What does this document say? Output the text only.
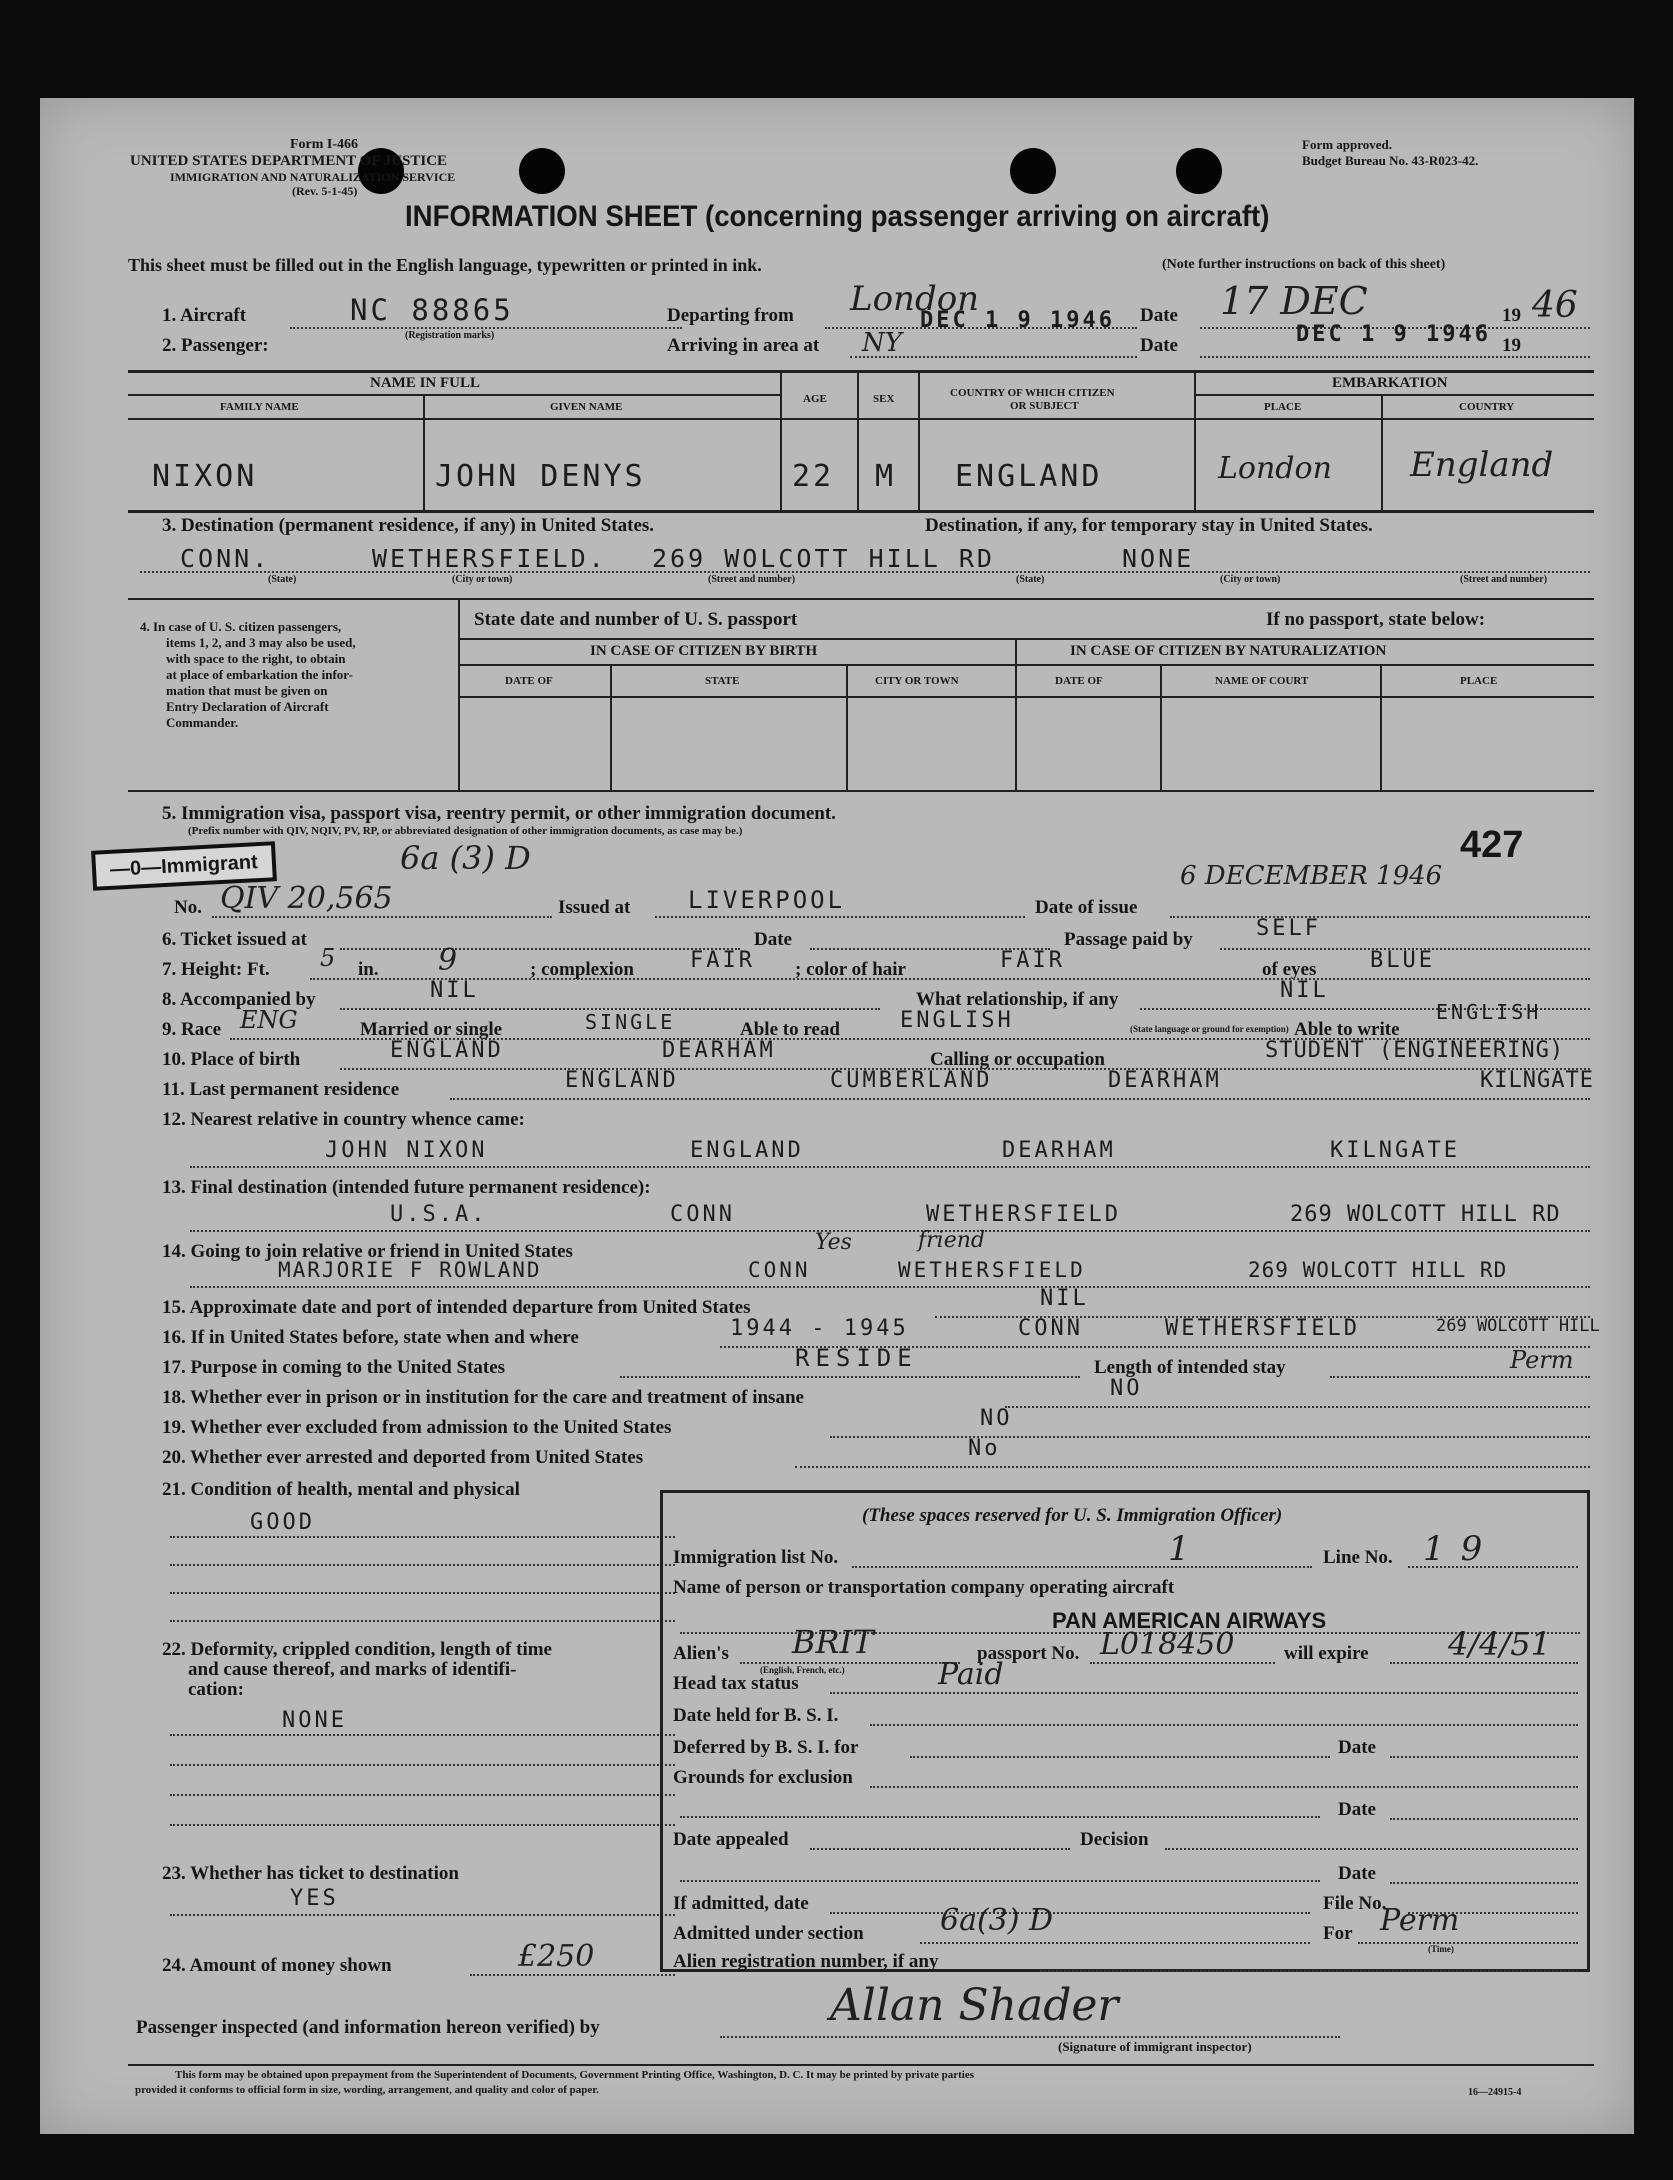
Form I-466
UNITED STATES DEPARTMENT OF JUSTICE
IMMIGRATION AND NATURALIZATION SERVICE
(Rev. 5-1-45)
Form approved.
Budget Bureau No. 43-R023-42.
INFORMATION SHEET (concerning passenger arriving on aircraft)
This sheet must be filled out in the English language, typewritten or printed in ink.	(Note further instructions on back of this sheet)
1. Aircraft	NC 88865
(Registration marks)
2. Passenger:
Departing from London
DEC 1 9 1946
Arriving in area at NY
Date 17 DEC	19 46
Date	DEC 1 9 1946 19
NAME IN FULL
FAMILY NAME	GIVEN NAME
AGE	SEX	COUNTRY OF WHICH CITIZEN
OR SUBJECT
EMBARKATION
PLACE	COUNTRY
NIXON	JOHN DENYS	22 M ENGLAND	London England
3. Destination (permanent residence, if any) in United States.	Destination, if any, for temporary stay in United States.
CONN.	WETHERSFIELD. 269 WOLCOTT HILL RD	NONE
(State)	(City or town)	(Street and number)	(State)	(City or town)	(Street and number)
4. In case of U. S. citizen passengers,
items 1, 2, and 3 may also be used,
with space to the right, to obtain
at place of embarkation the infor-
mation that must be given on
Entry Declaration of Aircraft
Commander.
State date and number of U. S. passport	If no passport, state below:
IN CASE OF CITIZEN BY BIRTH	IN CASE OF CITIZEN BY NATURALIZATION
DATE OF	STATE	CITY OR TOWN	DATE OF	NAME OF COURT	PLACE
5. Immigration visa, passport visa, reentry permit, or other immigration document.
(Prefix number with QIV, NQIV, PV, RP, or abbreviated designation of other immigration documents, as case may be.)
—0—Immigrant	6a (3) D	427
No. QIV 20,565	Issued at LIVERPOOL	Date of issue
6 DECEMBER 1946
6. Ticket issued at	Date	Passage paid by	SELF
7. Height: Ft. 5 in. 9	; complexion	FAIR ; color of hair	FAIR	of eyes BLUE
8. Accompanied by	NIL	What relationship, if any	NIL
9. Race ENG	Married or single	SINGLE	Able to read	ENGLISH	(State language or ground for exemption) Able to write
ENGLISH
10. Place of birth	ENGLAND	DEARHAM	Calling or occupation	STUDENT (ENGINEERING)
11. Last permanent residence	ENGLAND	CUMBERLAND	DEARHAM	KILNGATE
12. Nearest relative in country whence came:
JOHN NIXON	ENGLAND	DEARHAM	KILNGATE
13. Final destination (intended future permanent residence):
U.S.A.	CONN	WETHERSFIELD	269 WOLCOTT HILL RD
14. Going to join relative or friend in United States	Yes	friend
MARJORIE F ROWLAND	CONN	WETHERSFIELD	269 WOLCOTT HILL RD
15. Approximate date and port of intended departure from United States	NIL
16. If in United States before, state when and where	1944 - 1945	CONN	WETHERSFIELD	269 WOLCOTT HILL
17. Purpose in coming to the United States	RESIDE	Length of intended stay	Perm
18. Whether ever in prison or in institution for the care and treatment of insane	NO
19. Whether ever excluded from admission to the United States	NO
20. Whether ever arrested and deported from United States	No
21. Condition of health, mental and physical
GOOD
22. Deformity, crippled condition, length of time
and cause thereof, and marks of identifi-
cation:
NONE
23. Whether has ticket to destination
YES
24. Amount of money shown	£250
(These spaces reserved for U. S. Immigration Officer)
Immigration list No.	1	Line No. 19
Name of person or transportation company operating aircraft
PAN AMERICAN AIRWAYS
Alien's BRIT
(English, French, etc.)
passport No. L018450	will expire 4/4/51
Head tax status	Paid
Date held for B. S. I.
Deferred by B. S. I. for	Date
Grounds for exclusion
Date
Date appealed	Decision
Date
If admitted, date	File No.
Admitted under section	6a(3) D	For Perm
(Time)
Alien registration number, if any
Passenger inspected (and information hereon verified) by	Allan Shader
(Signature of immigrant inspector)
This form may be obtained upon prepayment from the Superintendent of Documents, Government Printing Office, Washington, D. C. It may be printed by private parties
provided it conforms to official form in size, wording, arrangement, and quality and color of paper.	16—24915-4
